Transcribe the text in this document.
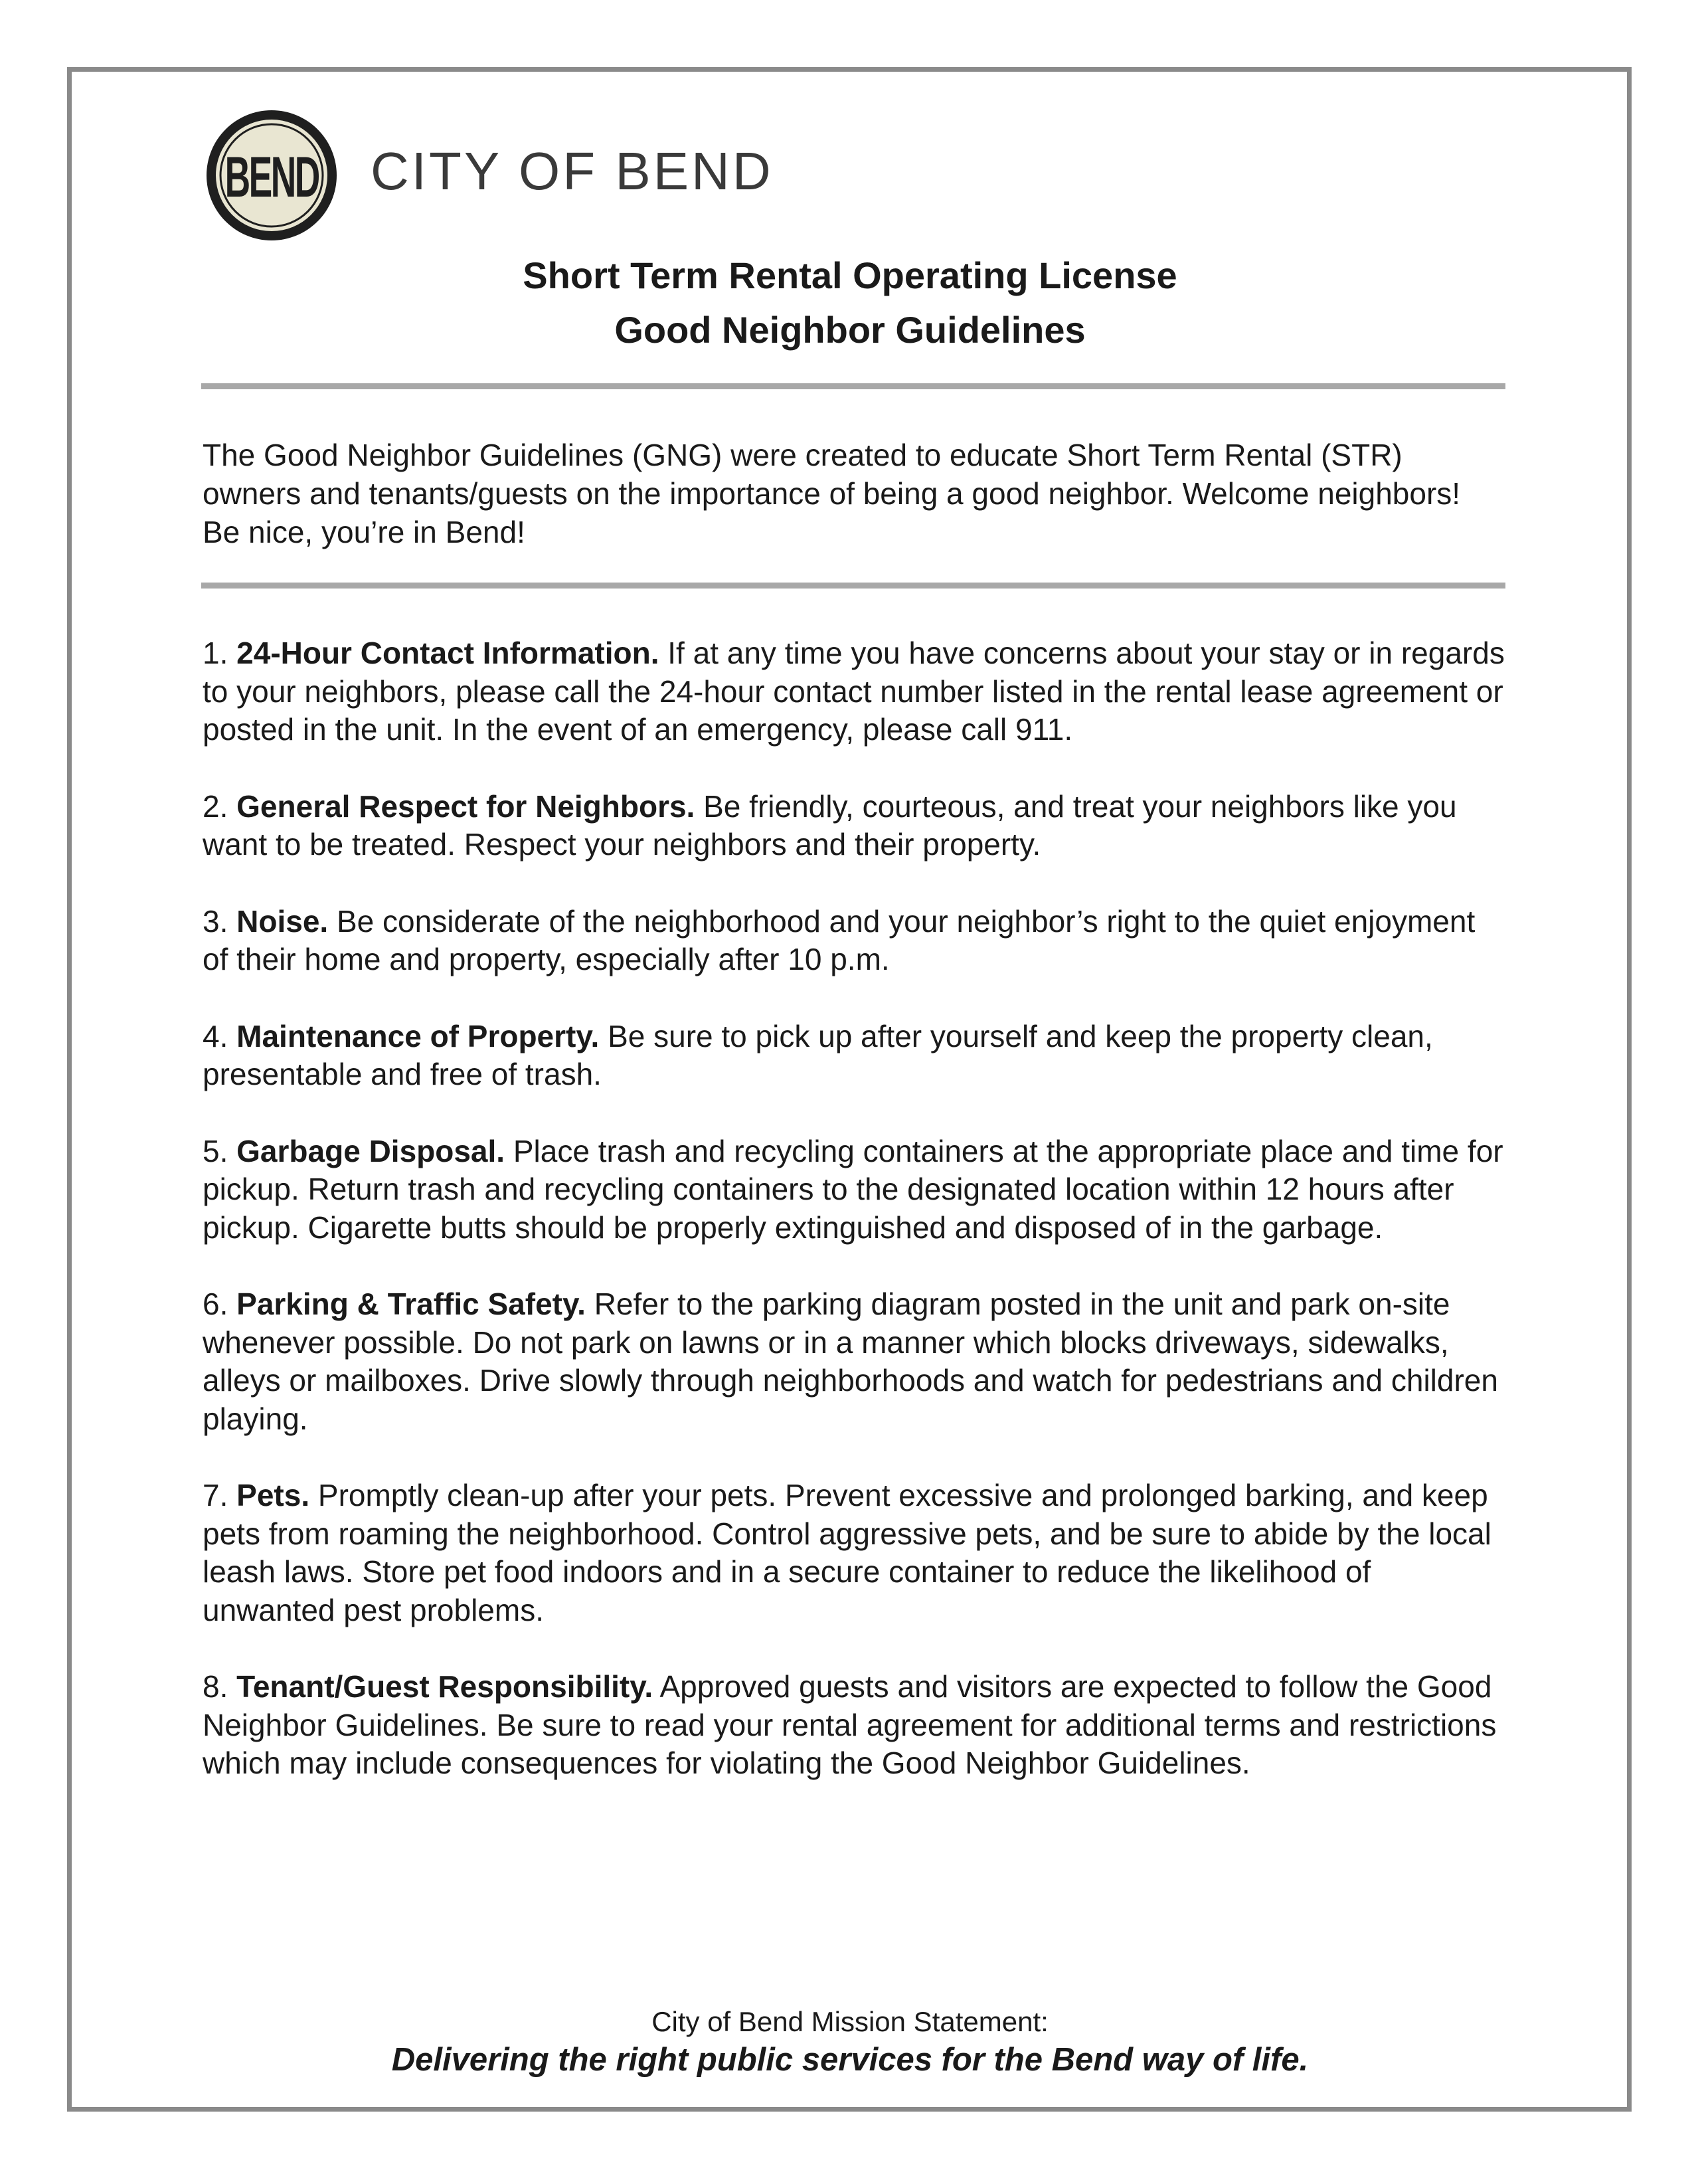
BEND CITY OF BEND
Short Term Rental Operating License
Good Neighbor Guidelines

The Good Neighbor Guidelines (GNG) were created to educate Short Term Rental (STR) owners and tenants/guests on the importance of being a good neighbor. Welcome neighbors! Be nice, you’re in Bend!

1. 24-Hour Contact Information. If at any time you have concerns about your stay or in regards to your neighbors, please call the 24-hour contact number listed in the rental lease agreement or posted in the unit. In the event of an emergency, please call 911.
2. General Respect for Neighbors. Be friendly, courteous, and treat your neighbors like you want to be treated. Respect your neighbors and their property.
3. Noise. Be considerate of the neighborhood and your neighbor’s right to the quiet enjoyment of their home and property, especially after 10 p.m.
4. Maintenance of Property. Be sure to pick up after yourself and keep the property clean, presentable and free of trash.
5. Garbage Disposal. Place trash and recycling containers at the appropriate place and time for pickup. Return trash and recycling containers to the designated location within 12 hours after pickup. Cigarette butts should be properly extinguished and disposed of in the garbage.
6. Parking & Traffic Safety. Refer to the parking diagram posted in the unit and park on-site whenever possible. Do not park on lawns or in a manner which blocks driveways, sidewalks, alleys or mailboxes. Drive slowly through neighborhoods and watch for pedestrians and children playing.
7. Pets. Promptly clean-up after your pets. Prevent excessive and prolonged barking, and keep pets from roaming the neighborhood. Control aggressive pets, and be sure to abide by the local leash laws. Store pet food indoors and in a secure container to reduce the likelihood of unwanted pest problems.
8. Tenant/Guest Responsibility. Approved guests and visitors are expected to follow the Good Neighbor Guidelines. Be sure to read your rental agreement for additional terms and restrictions which may include consequences for violating the Good Neighbor Guidelines.
City of Bend Mission Statement:
Delivering the right public services for the Bend way of life.
